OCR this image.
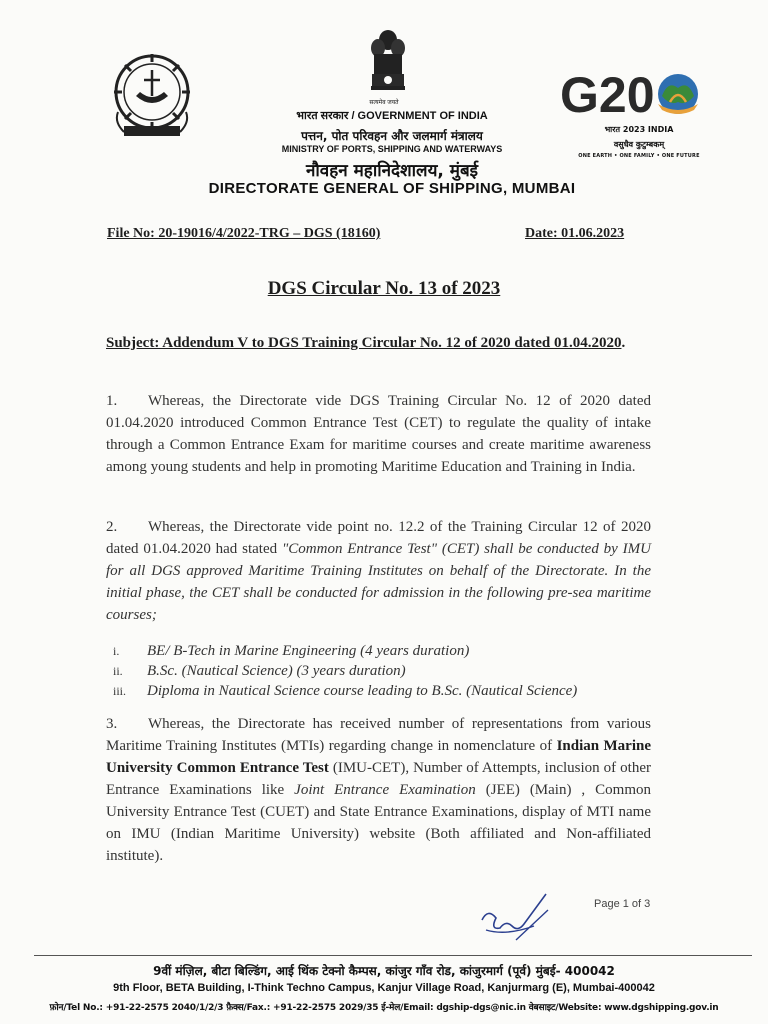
सत्यमेव जयते
भारत सरकार / GOVERNMENT OF INDIA
पत्तन, पोत परिवहन और जलमार्ग मंत्रालय
MINISTRY OF PORTS, SHIPPING AND WATERWAYS
नौवहन महानिदेशालय, मुंबई
DIRECTORATE GENERAL OF SHIPPING, MUMBAI
G20
भारत 2023 INDIA
वसुधैव कुटुम्बकम्
ONE EARTH • ONE FAMILY • ONE FUTURE
File No: 20-19016/4/2022-TRG – DGS (18160)	Date: 01.06.2023
DGS Circular No. 13 of 2023
Subject: Addendum V to DGS Training Circular No. 12 of 2020 dated 01.04.2020.
1. Whereas, the Directorate vide DGS Training Circular No. 12 of 2020 dated 01.04.2020 introduced Common Entrance Test (CET) to regulate the quality of intake through a Common Entrance Exam for maritime courses and create maritime awareness among young students and help in promoting Maritime Education and Training in India.
2. Whereas, the Directorate vide point no. 12.2 of the Training Circular 12 of 2020 dated 01.04.2020 had stated "Common Entrance Test" (CET) shall be conducted by IMU for all DGS approved Maritime Training Institutes on behalf of the Directorate. In the initial phase, the CET shall be conducted for admission in the following pre-sea maritime courses;
i.	BE/ B-Tech in Marine Engineering (4 years duration)
ii.	B.Sc. (Nautical Science) (3 years duration)
iii.	Diploma in Nautical Science course leading to B.Sc. (Nautical Science)
3. Whereas, the Directorate has received number of representations from various Maritime Training Institutes (MTIs) regarding change in nomenclature of Indian Marine University Common Entrance Test (IMU-CET), Number of Attempts, inclusion of other Entrance Examinations like Joint Entrance Examination (JEE) (Main) , Common University Entrance Test (CUET) and State Entrance Examinations, display of MTI name on IMU (Indian Maritime University) website (Both affiliated and Non-affiliated institute).
Page 1 of 3
9वीं मंज़िल, बीटा बिल्डिंग, आई थिंक टेक्नो कैम्पस, कांजुर गाँव रोड, कांजुरमार्ग (पूर्व) मुंबई- 400042
9th Floor, BETA Building, I-Think Techno Campus, Kanjur Village Road, Kanjurmarg (E), Mumbai-400042
फ़ोन/Tel No.: +91-22-2575 2040/1/2/3 फ़ैक्स/Fax.: +91-22-2575 2029/35 ई-मेल/Email: dgship-dgs@nic.in वेबसाइट/Website: www.dgshipping.gov.in
